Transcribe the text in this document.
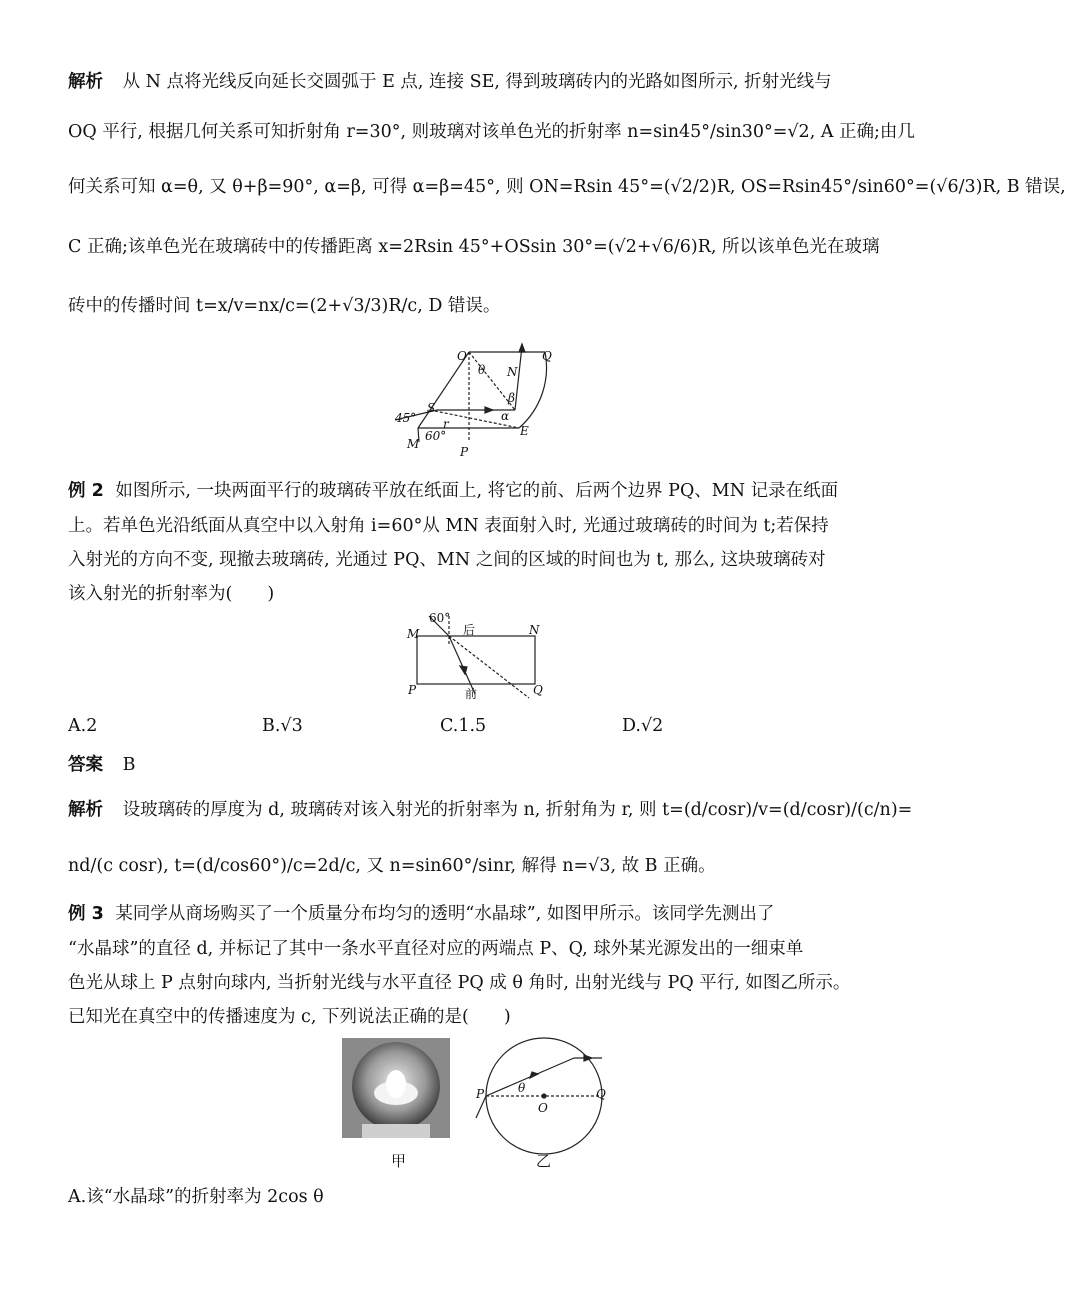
解析 从 N 点将光线反向延长交圆弧于 E 点, 连接 SE, 得到玻璃砖内的光路如图所示, 折射光线与
OQ 平行, 根据几何关系可知折射角 r=30°, 则玻璃对该单色光的折射率 n=sin45°/sin30°=√2, A 正确;由几
何关系可知 α=θ, 又 θ+β=90°, α=β, 可得 α=β=45°, 则 ON=Rsin 45°=(√2/2)R, OS=Rsin45°/sin60°=(√6/3)R, B 错误,
C 正确;该单色光在玻璃砖中的传播距离 x=2Rsin 45°+OSsin 30°=(√2+√6/6)R, 所以该单色光在玻璃
砖中的传播时间 t=x/v=nx/c=(2+√3/3)R/c, D 错误。
O	Q
N
θ
β
α
S
45°
E
M
60°
r
P
例 2 如图所示, 一块两面平行的玻璃砖平放在纸面上, 将它的前、后两个边界 PQ、MN 记录在纸面
上。若单色光沿纸面从真空中以入射角 i=60°从 MN 表面射入时, 光通过玻璃砖的时间为 t;若保持
入射光的方向不变, 现撤去玻璃砖, 光通过 PQ、MN 之间的区域的时间也为 t, 那么, 这块玻璃砖对
该入射光的折射率为(　　)
60°
后
M	N
P	前	Q
A.2	B.√3	C.1.5	D.√2
答案 B
解析 设玻璃砖的厚度为 d, 玻璃砖对该入射光的折射率为 n, 折射角为 r, 则 t=(d/cosr)/v=(d/cosr)/(c/n)=
nd/(c cosr), t=(d/cos60°)/c=2d/c, 又 n=sin60°/sinr, 解得 n=√3, 故 B 正确。
例 3 某同学从商场购买了一个质量分布均匀的透明“水晶球”, 如图甲所示。该同学先测出了
“水晶球”的直径 d, 并标记了其中一条水平直径对应的两端点 P、Q, 球外某光源发出的一细束单
色光从球上 P 点射向球内, 当折射光线与水平直径 PQ 成 θ 角时, 出射光线与 PQ 平行, 如图乙所示。
已知光在真空中的传播速度为 c, 下列说法正确的是(　　)
甲
P	θ
O
Q
乙
A.该“水晶球”的折射率为 2cos θ
